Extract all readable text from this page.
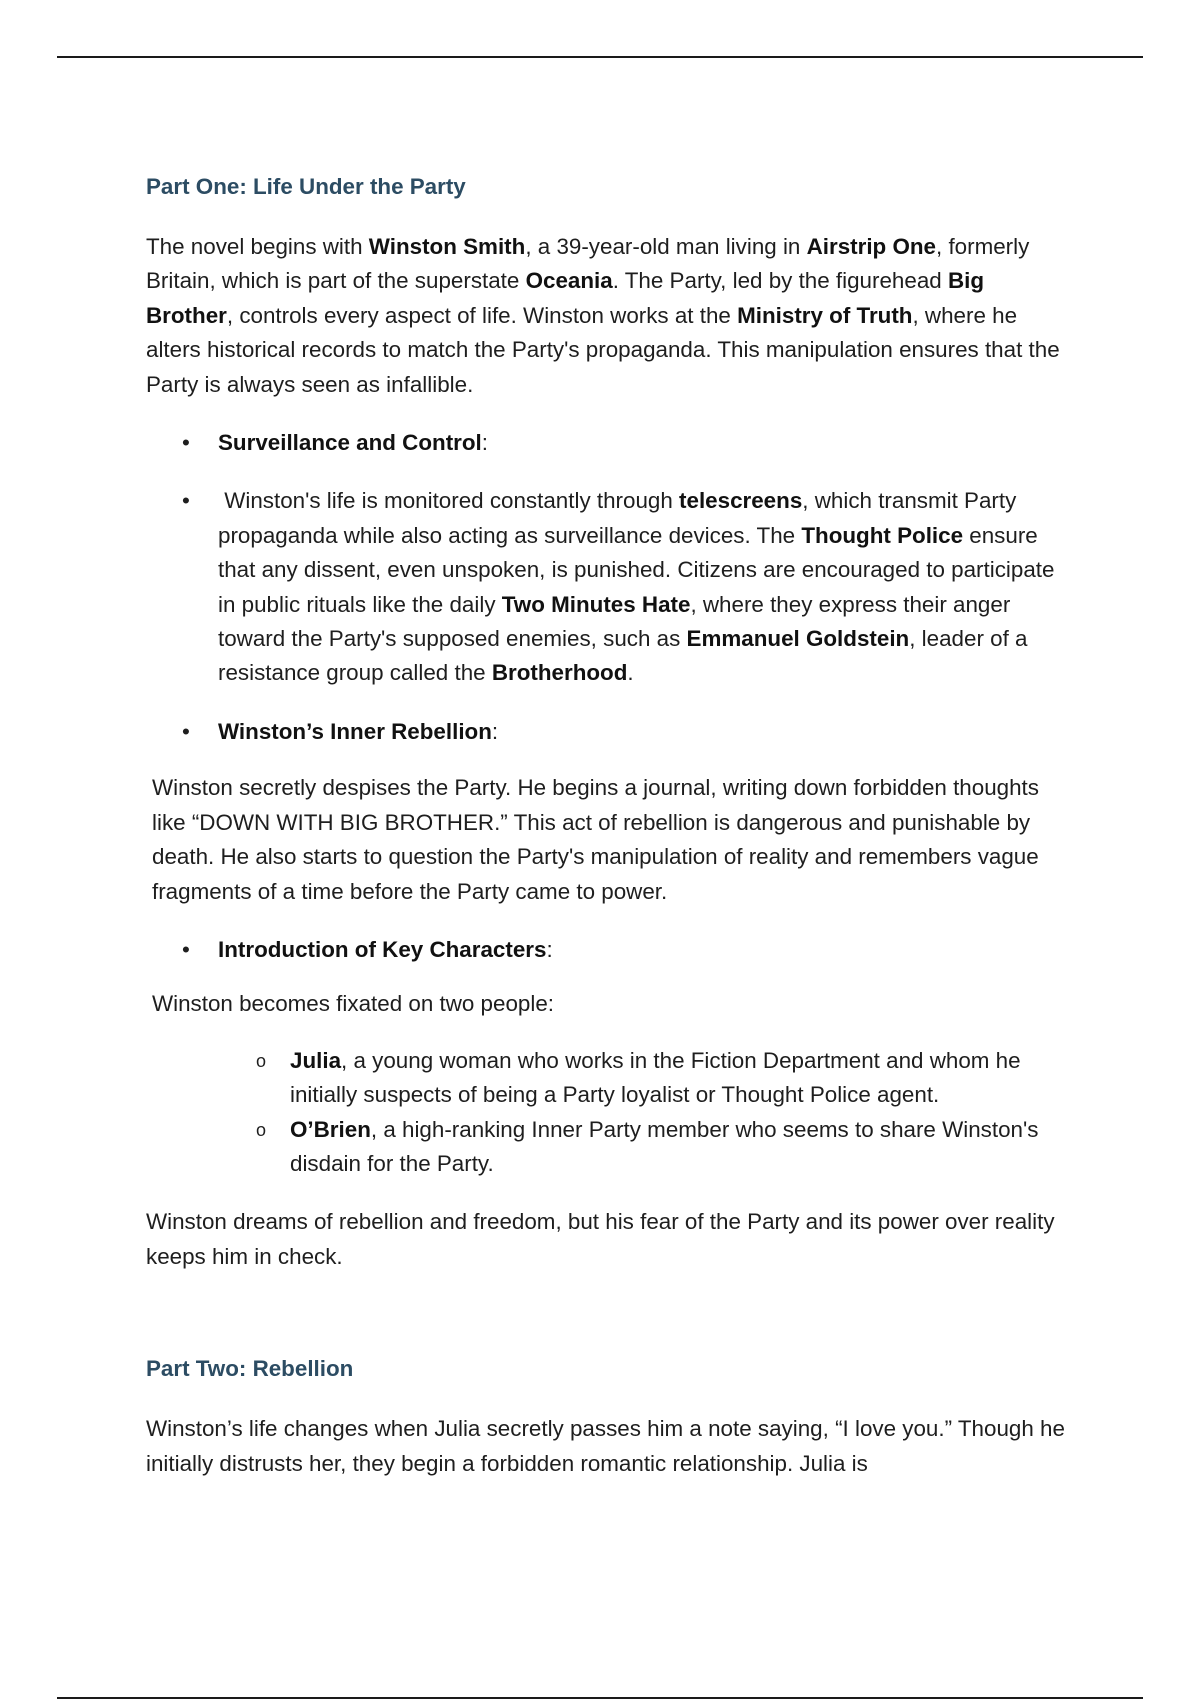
Part One: Life Under the Party

The novel begins with Winston Smith, a 39-year-old man living in Airstrip One, formerly Britain, which is part of the superstate Oceania. The Party, led by the figurehead Big Brother, controls every aspect of life. Winston works at the Ministry of Truth, where he alters historical records to match the Party's propaganda. This manipulation ensures that the Party is always seen as infallible.

• Surveillance and Control:
• Winston's life is monitored constantly through telescreens, which transmit Party propaganda while also acting as surveillance devices. The Thought Police ensure that any dissent, even unspoken, is punished. Citizens are encouraged to participate in public rituals like the daily Two Minutes Hate, where they express their anger toward the Party's supposed enemies, such as Emmanuel Goldstein, leader of a resistance group called the Brotherhood.
• Winston’s Inner Rebellion:

Winston secretly despises the Party. He begins a journal, writing down forbidden thoughts like “DOWN WITH BIG BROTHER.” This act of rebellion is dangerous and punishable by death. He also starts to question the Party's manipulation of reality and remembers vague fragments of a time before the Party came to power.

• Introduction of Key Characters:

Winston becomes fixated on two people:

o Julia, a young woman who works in the Fiction Department and whom he initially suspects of being a Party loyalist or Thought Police agent.
o O’Brien, a high-ranking Inner Party member who seems to share Winston's disdain for the Party.

Winston dreams of rebellion and freedom, but his fear of the Party and its power over reality keeps him in check.

Part Two: Rebellion

Winston’s life changes when Julia secretly passes him a note saying, “I love you.” Though he initially distrusts her, they begin a forbidden romantic relationship. Julia is
